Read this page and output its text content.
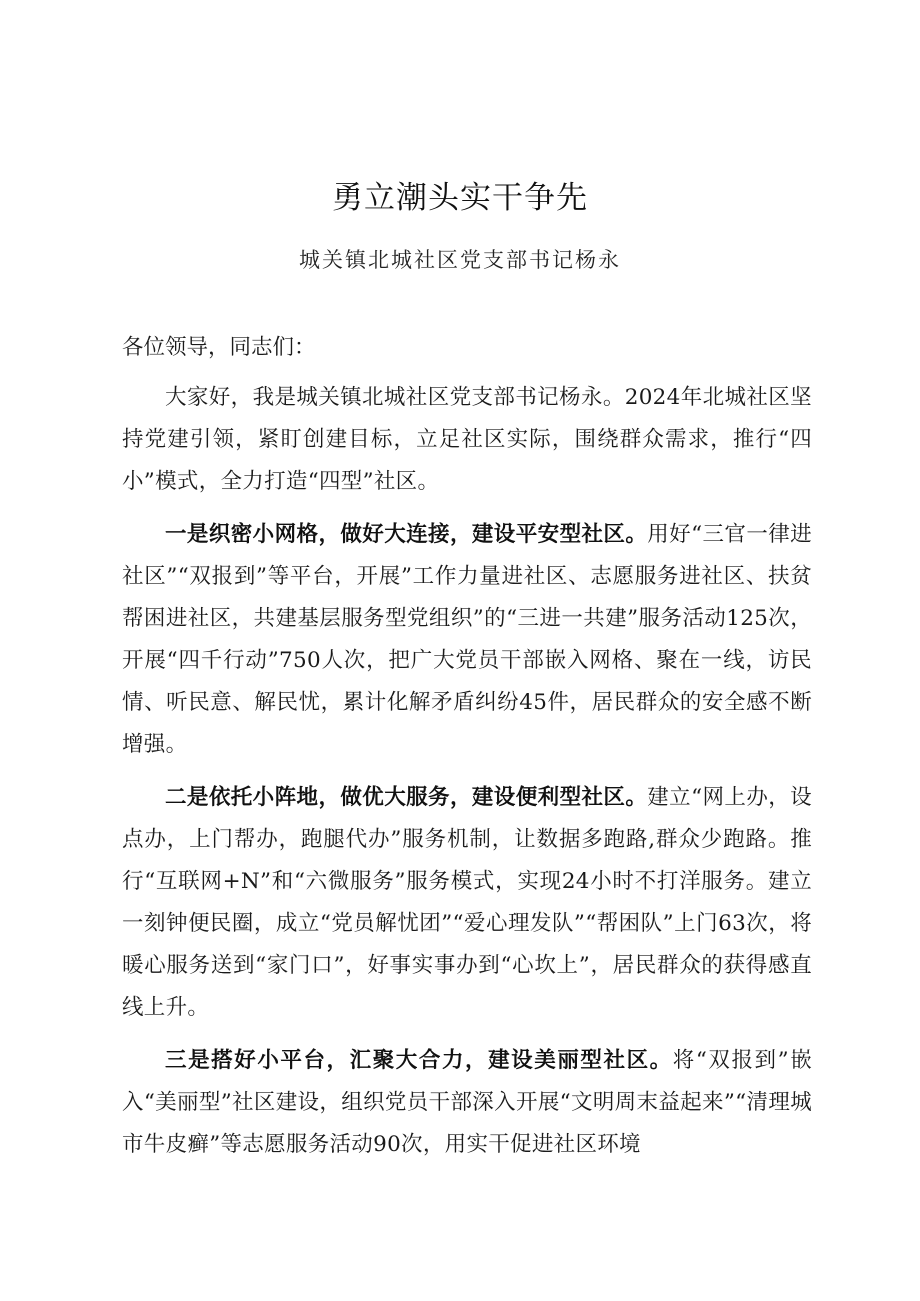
勇立潮头实干争先
城关镇北城社区党支部书记杨永

各位领导，同志们：

大家好，我是城关镇北城社区党支部书记杨永。2024年北城社区坚持党建引领，紧盯创建目标，立足社区实际，围绕群众需求，推行“四小”模式，全力打造“四型”社区。

一是织密小网格，做好大连接，建设平安型社区。用好“三官一律进社区”“双报到”等平台，开展”工作力量进社区、志愿服务进社区、扶贫帮困进社区，共建基层服务型党组织”的“三进一共建”服务活动125次，开展“四千行动”750人次，把广大党员干部嵌入网格、聚在一线，访民情、听民意、解民忧，累计化解矛盾纠纷45件，居民群众的安全感不断增强。

二是依托小阵地，做优大服务，建设便利型社区。建立“网上办，设点办，上门帮办，跑腿代办”服务机制，让数据多跑路,群众少跑路。推行“互联网+N”和“六微服务”服务模式，实现24小时不打洋服务。建立一刻钟便民圈，成立“党员解忧团”“爱心理发队”“帮困队”上门63次，将暖心服务送到“家门口”，好事实事办到“心坎上”，居民群众的获得感直线上升。

三是搭好小平台，汇聚大合力，建设美丽型社区。将“双报到”嵌入“美丽型”社区建设，组织党员干部深入开展“文明周末益起来”“清理城市牛皮癣”等志愿服务活动90次，用实干促进社区环境
